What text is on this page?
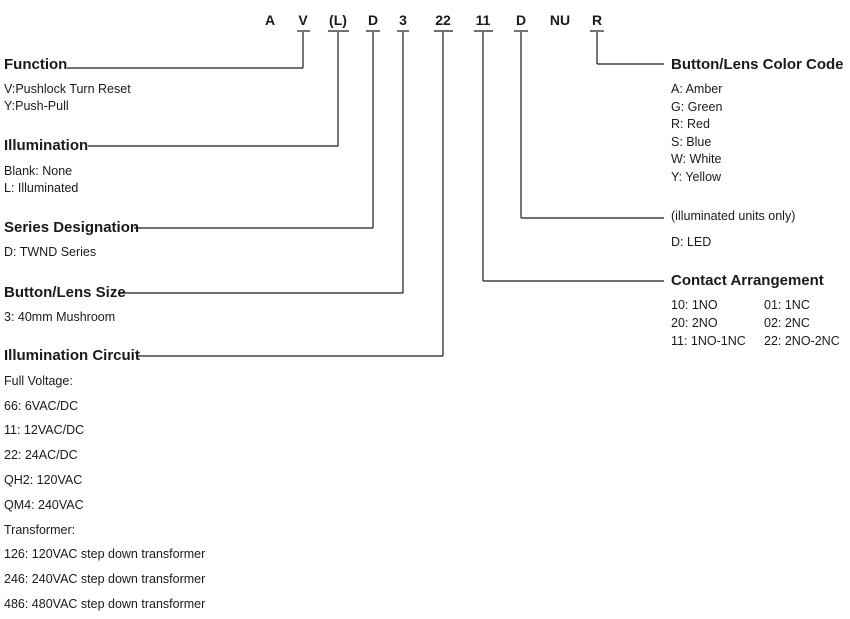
A V (L) D 3 22 11 D NU R
Function
V:Pushlock Turn Reset
Y:Push-Pull
Illumination
Blank: None
L: Illuminated
Series Designation
D: TWND Series
Button/Lens Size
3: 40mm Mushroom
Illumination Circuit
Full Voltage:
66: 6VAC/DC
11: 12VAC/DC
22: 24AC/DC
QH2: 120VAC
QM4: 240VAC
Transformer:
126: 120VAC step down transformer
246: 240VAC step down transformer
486: 480VAC step down transformer
Button/Lens Color Code
A: Amber
G: Green
R: Red
S: Blue
W: White
Y: Yellow
(illuminated units only)
D: LED
Contact Arrangement
10: 1NO
20: 2NO
11: 1NO-1NC
01: 1NC
02: 2NC
22: 2NO-2NC
